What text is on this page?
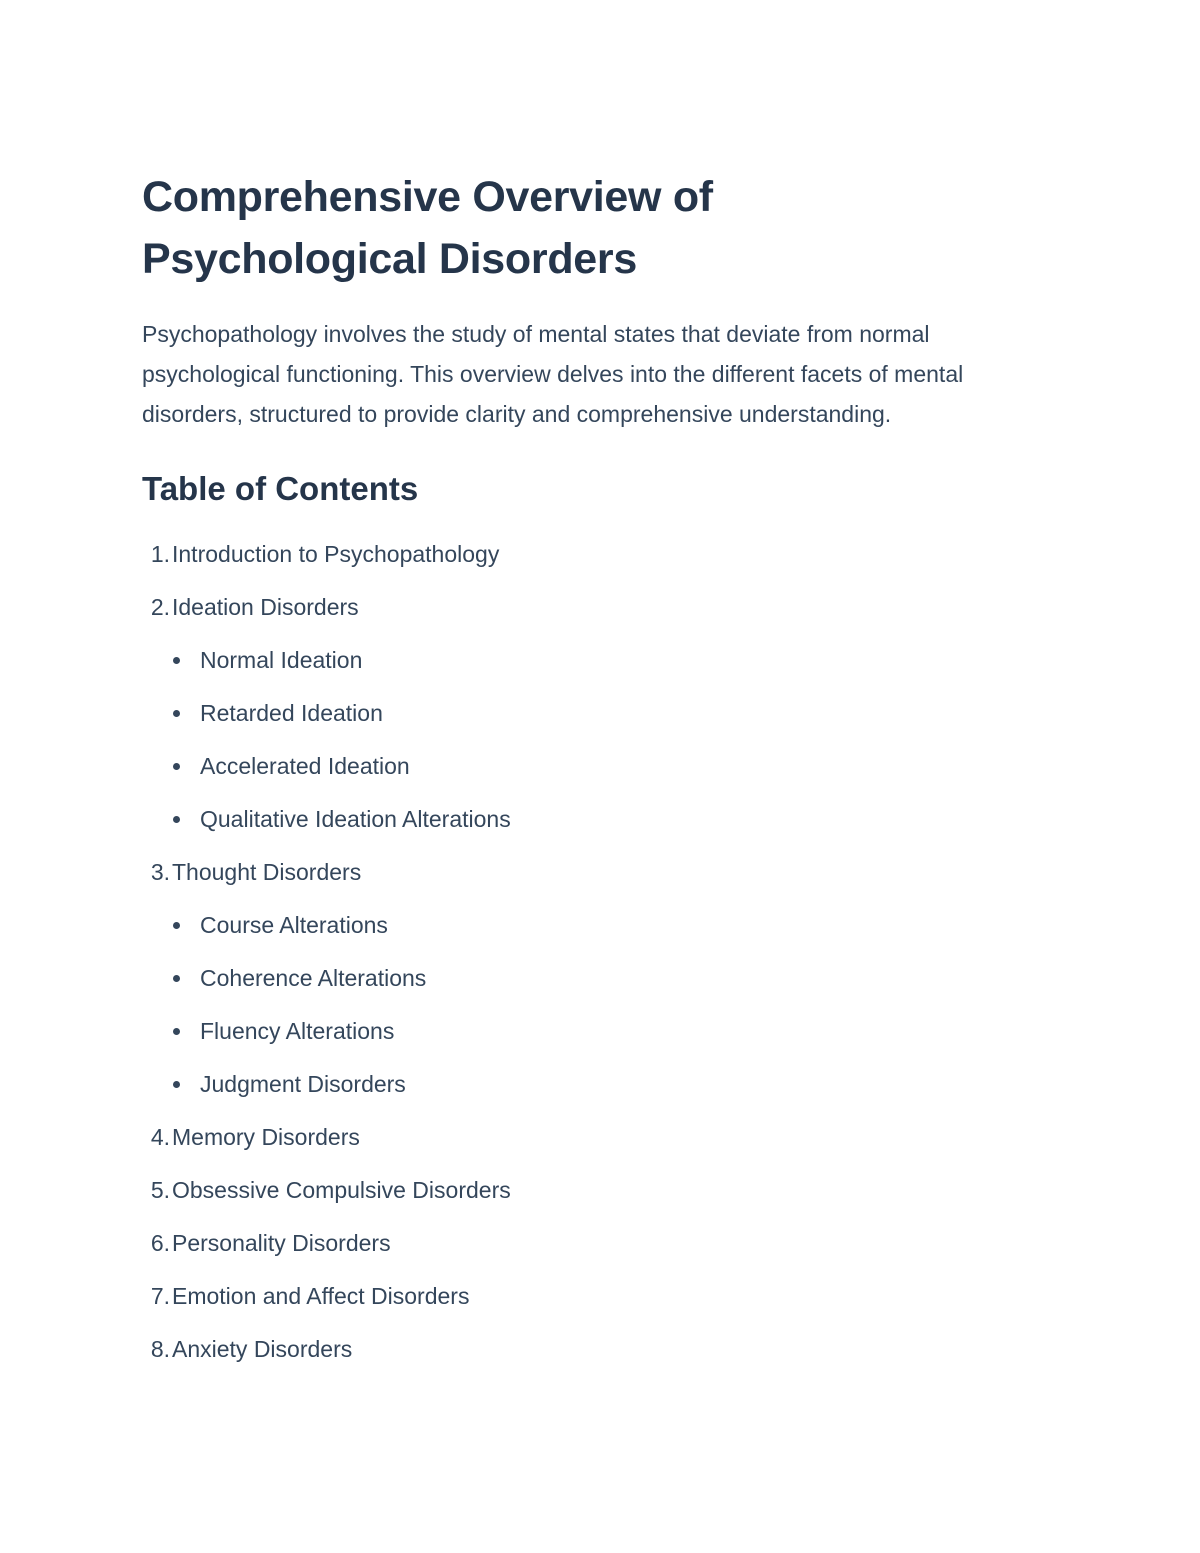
Comprehensive Overview of
Psychological Disorders

Psychopathology involves the study of mental states that deviate from normal psychological functioning. This overview delves into the different facets of mental disorders, structured to provide clarity and comprehensive understanding.

Table of Contents
1.Introduction to Psychopathology
2.Ideation Disorders
Normal Ideation
Retarded Ideation
Accelerated Ideation
Qualitative Ideation Alterations
3.Thought Disorders
Course Alterations
Coherence Alterations
Fluency Alterations
Judgment Disorders
4.Memory Disorders
5.Obsessive Compulsive Disorders
6.Personality Disorders
7.Emotion and Affect Disorders
8.Anxiety Disorders
